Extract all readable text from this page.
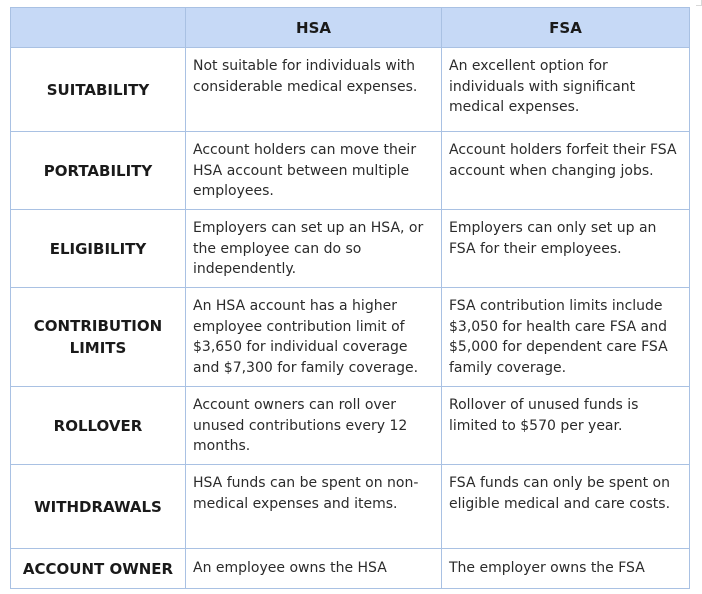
	HSA	FSA
SUITABILITY	Not suitable for individuals with considerable medical expenses.	An excellent option for individuals with significant medical expenses.
PORTABILITY	Account holders can move their HSA account between multiple employees.	Account holders forfeit their FSA account when changing jobs.
ELIGIBILITY	Employers can set up an HSA, or the employee can do so independently.	Employers can only set up an FSA for their employees.
CONTRIBUTION LIMITS	An HSA account has a higher employee contribution limit of $3,650 for individual coverage and $7,300 for family coverage.	FSA contribution limits include $3,050 for health care FSA and $5,000 for dependent care FSA family coverage.
ROLLOVER	Account owners can roll over unused contributions every 12 months.	Rollover of unused funds is limited to $570 per year.
WITHDRAWALS	HSA funds can be spent on non-medical expenses and items.	FSA funds can only be spent on eligible medical and care costs.
ACCOUNT OWNER	An employee owns the HSA	The employer owns the FSA
